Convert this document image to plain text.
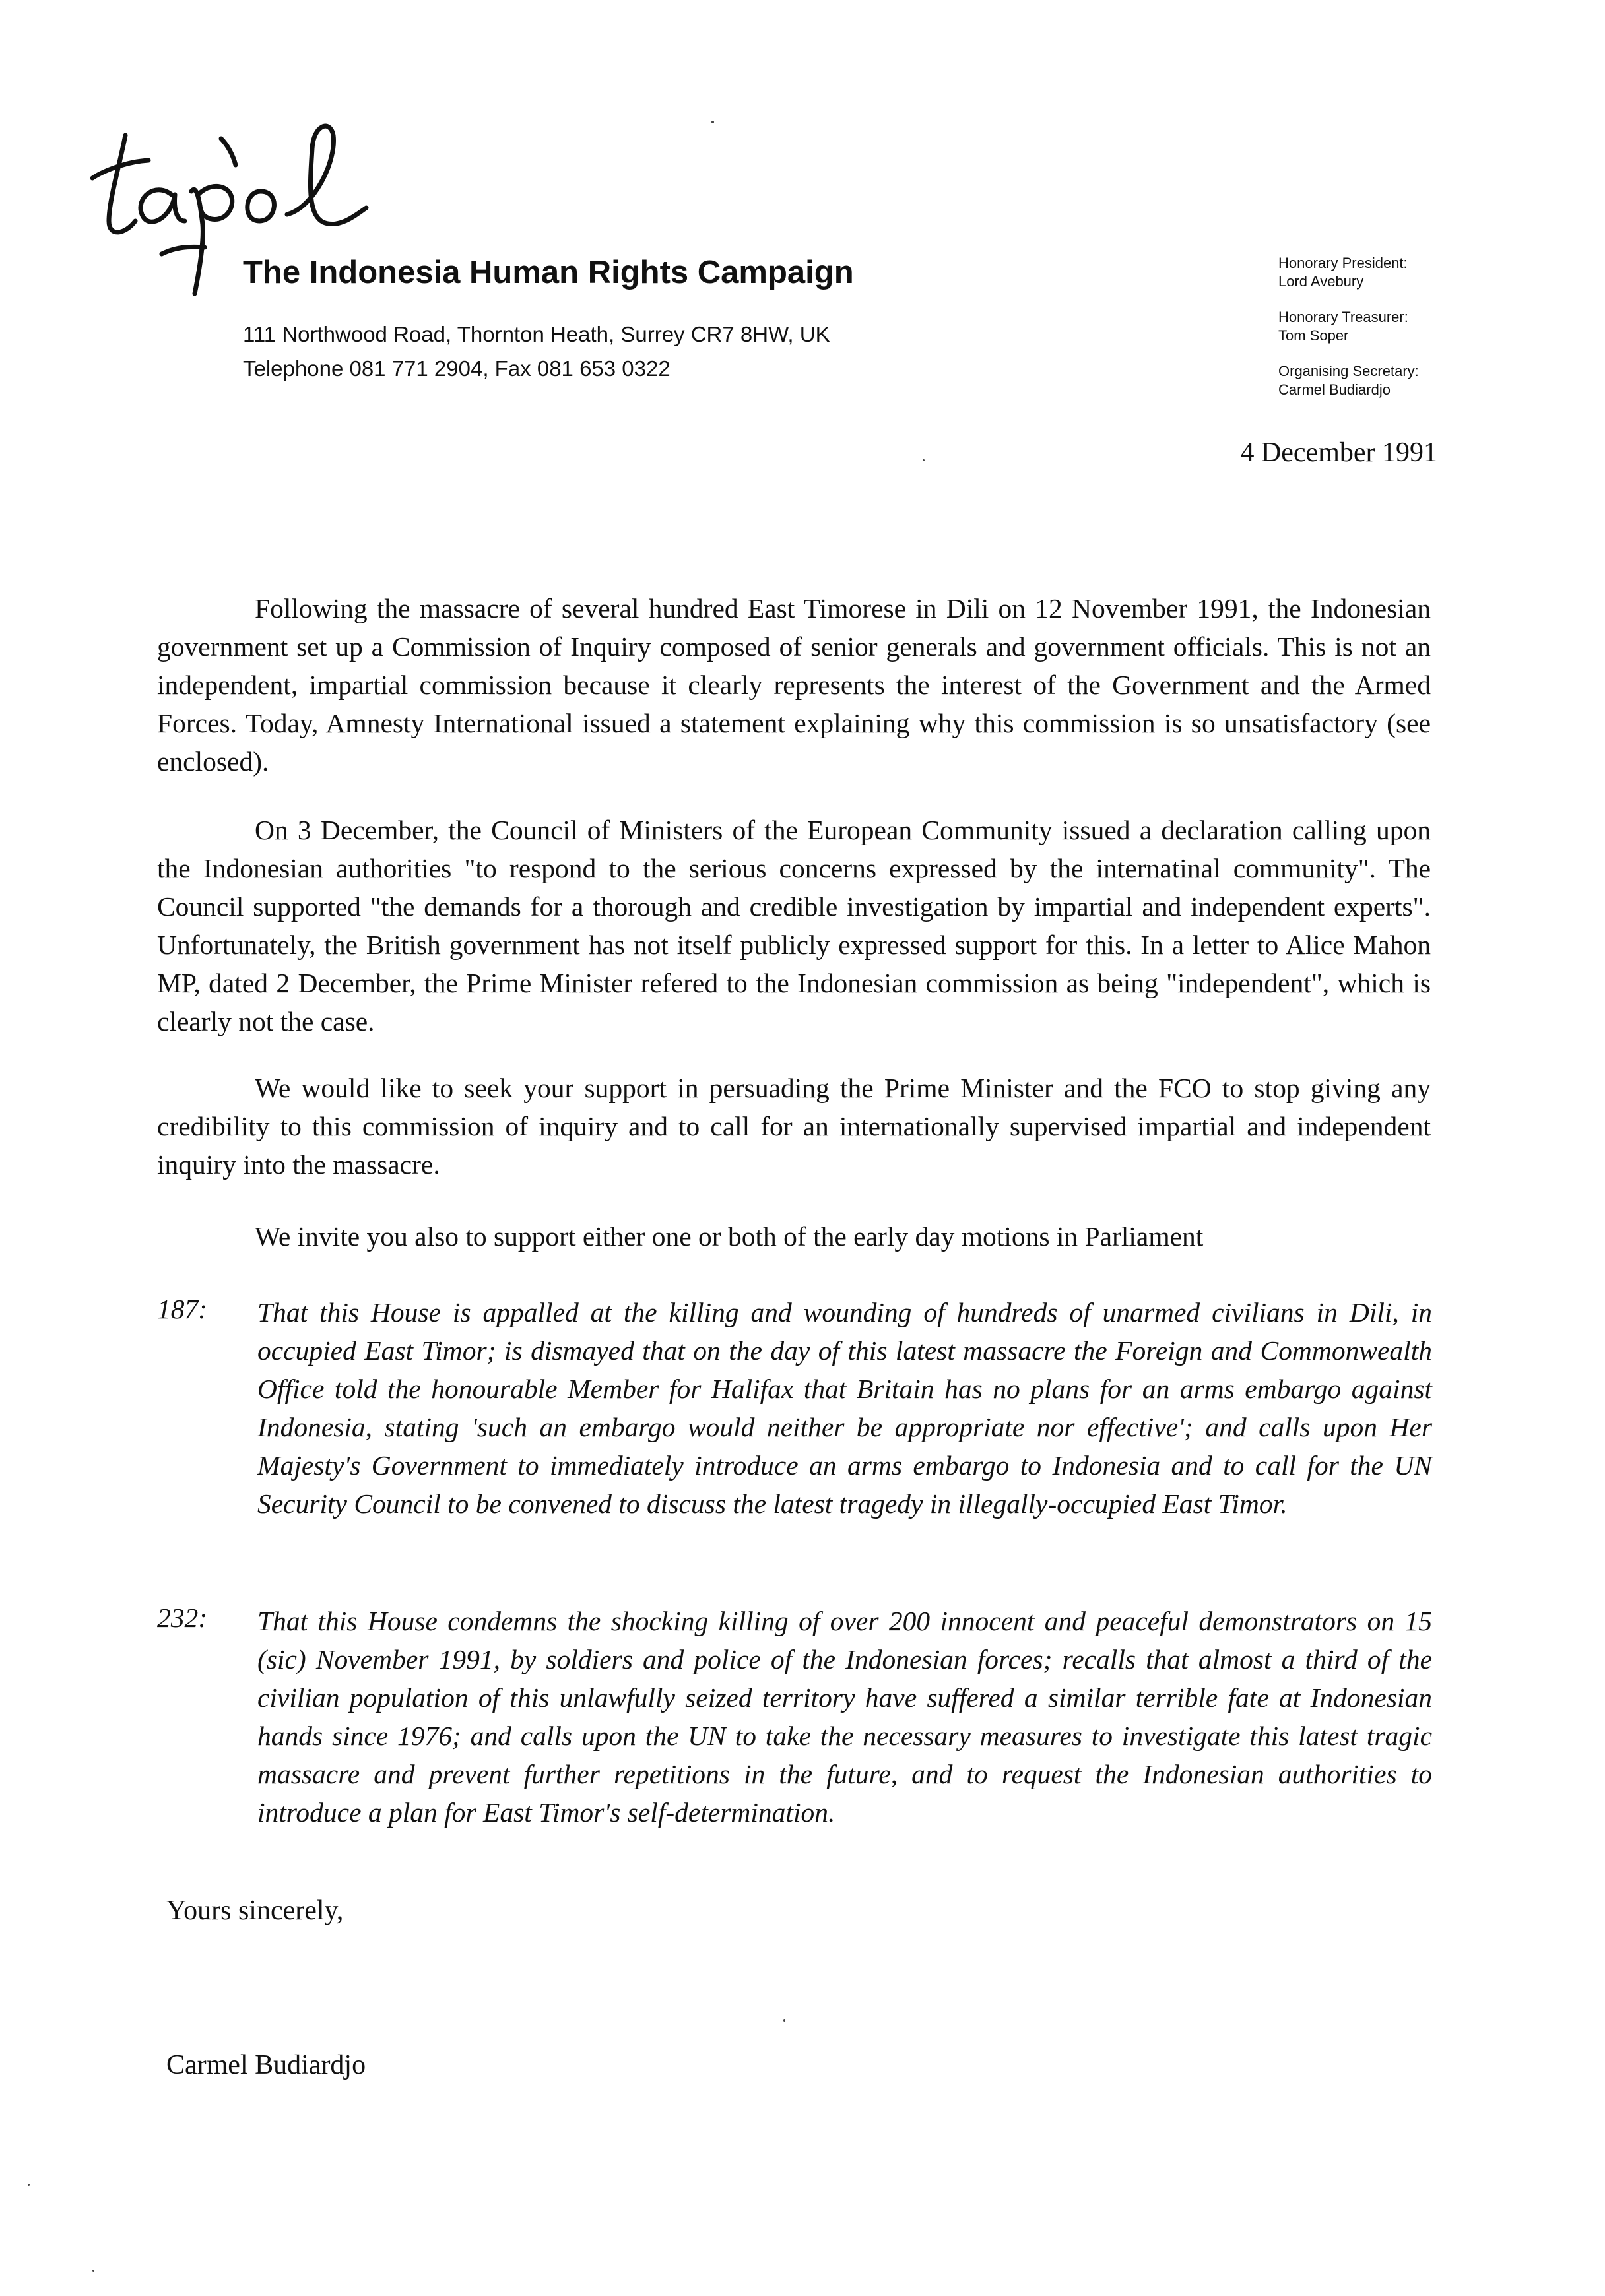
The Indonesia Human Rights Campaign
111 Northwood Road, Thornton Heath, Surrey CR7 8HW, UK
Telephone 081 771 2904, Fax 081 653 0322
Honorary President:
Lord Avebury
Honorary Treasurer:
Tom Soper
Organising Secretary:
Carmel Budiardjo
4 December 1991

Following the massacre of several hundred East Timorese in Dili on 12 November 1991, the Indonesian government set up a Commission of Inquiry composed of senior generals and government officials. This is not an independent, impartial commission because it clearly represents the interest of the Government and the Armed Forces. Today, Amnesty International issued a statement explaining why this commission is so unsatisfactory (see enclosed).

On 3 December, the Council of Ministers of the European Community issued a declaration calling upon the Indonesian authorities "to respond to the serious concerns expressed by the internatinal community". The Council supported "the demands for a thorough and credible investigation by impartial and independent experts". Unfortunately, the British government has not itself publicly expressed support for this. In a letter to Alice Mahon MP, dated 2 December, the Prime Minister refered to the Indonesian commission as being "independent", which is clearly not the case.

We would like to seek your support in persuading the Prime Minister and the FCO to stop giving any credibility to this commission of inquiry and to call for an internationally supervised impartial and independent inquiry into the massacre.

We invite you also to support either one or both of the early day motions in Parliament

187: That this House is appalled at the killing and wounding of hundreds of unarmed civilians in Dili, in occupied East Timor; is dismayed that on the day of this latest massacre the Foreign and Commonwealth Office told the honourable Member for Halifax that Britain has no plans for an arms embargo against Indonesia, stating 'such an embargo would neither be appropriate nor effective'; and calls upon Her Majesty's Government to immediately introduce an arms embargo to Indonesia and to call for the UN Security Council to be convened to discuss the latest tragedy in illegally-occupied East Timor.

232: That this House condemns the shocking killing of over 200 innocent and peaceful demonstrators on 15 (sic) November 1991, by soldiers and police of the Indonesian forces; recalls that almost a third of the civilian population of this unlawfully seized territory have suffered a similar terrible fate at Indonesian hands since 1976; and calls upon the UN to take the necessary measures to investigate this latest tragic massacre and prevent further repetitions in the future, and to request the Indonesian authorities to introduce a plan for East Timor's self-determination.

Yours sincerely,
Carmel Budiardjo
